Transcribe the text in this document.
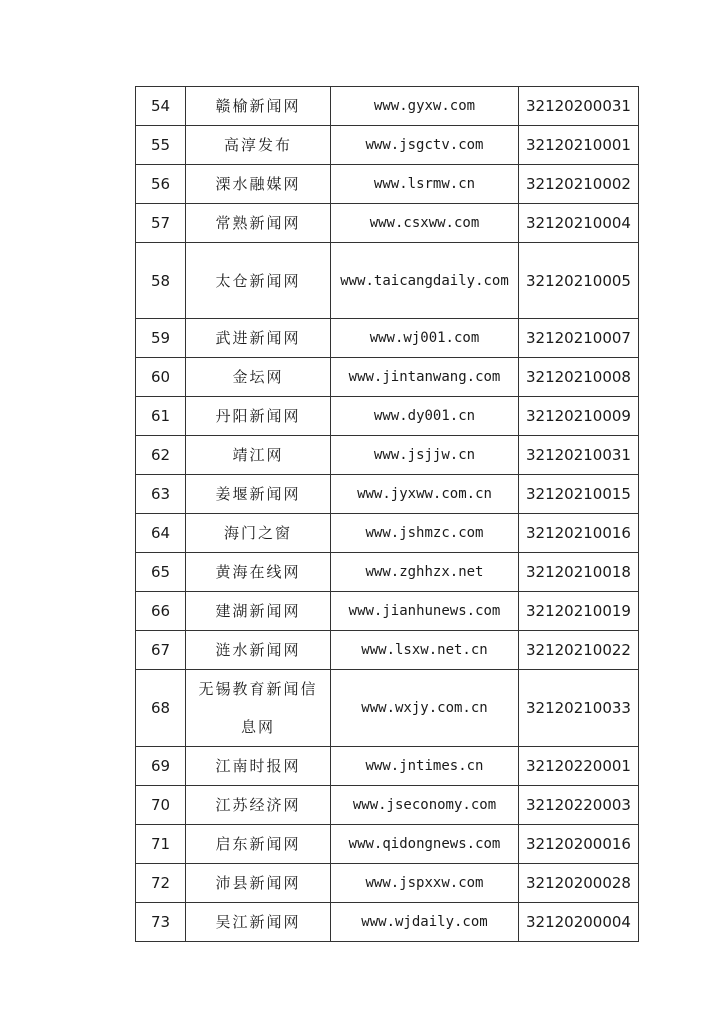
54	赣榆新闻网	www.gyxw.com	32120200031
55	高淳发布	www.jsgctv.com	32120210001
56	溧水融媒网	www.lsrmw.cn	32120210002
57	常熟新闻网	www.csxww.com	32120210004
58	太仓新闻网	www.taicangdaily.com	32120210005
59	武进新闻网	www.wj001.com	32120210007
60	金坛网	www.jintanwang.com	32120210008
61	丹阳新闻网	www.dy001.cn	32120210009
62	靖江网	www.jsjjw.cn	32120210031
63	姜堰新闻网	www.jyxww.com.cn	32120210015
64	海门之窗	www.jshmzc.com	32120210016
65	黄海在线网	www.zghhzx.net	32120210018
66	建湖新闻网	www.jianhunews.com	32120210019
67	涟水新闻网	www.lsxw.net.cn	32120210022
68	无锡教育新闻信息网	www.wxjy.com.cn	32120210033
69	江南时报网	www.jntimes.cn	32120220001
70	江苏经济网	www.jseconomy.com	32120220003
71	启东新闻网	www.qidongnews.com	32120200016
72	沛县新闻网	www.jspxxw.com	32120200028
73	吴江新闻网	www.wjdaily.com	32120200004
